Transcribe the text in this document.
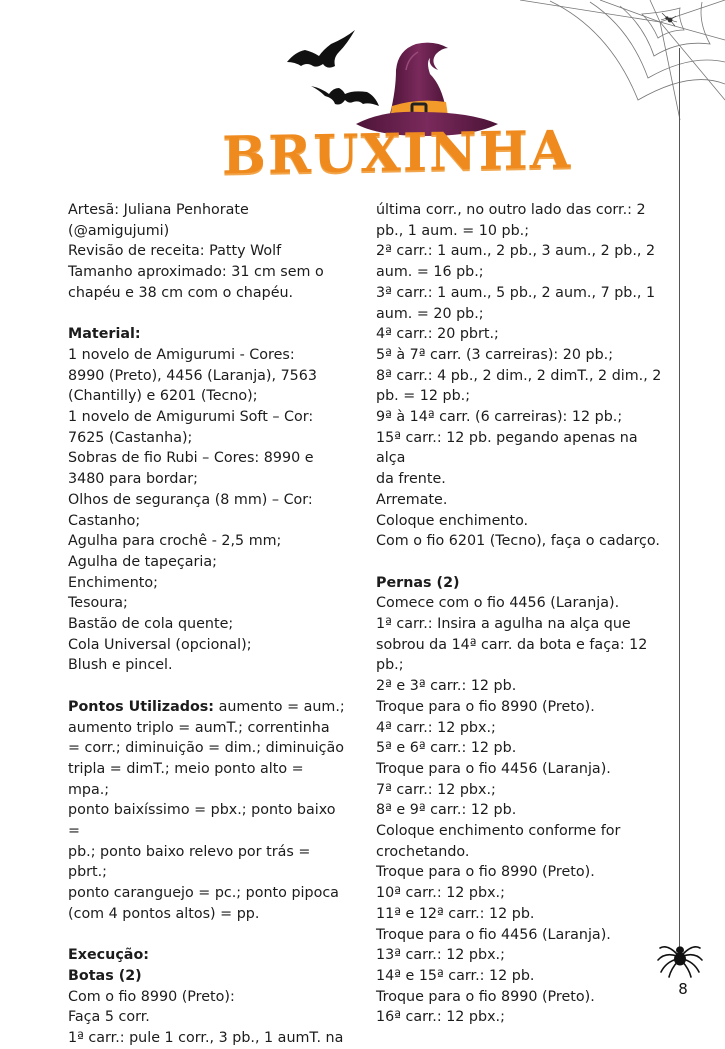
BRUXINHA

Artesã: Juliana Penhorate

(@amigujumi)

Revisão de receita: Patty Wolf

Tamanho aproximado: 31 cm sem o

chapéu e 38 cm com o chapéu.

Material:

1 novelo de Amigurumi - Cores:

8990 (Preto), 4456 (Laranja), 7563

(Chantilly) e 6201 (Tecno);

1 novelo de Amigurumi Soft – Cor:

7625 (Castanha);

Sobras de fio Rubi – Cores: 8990 e

3480 para bordar;

Olhos de segurança (8 mm) – Cor:

Castanho;

Agulha para crochê - 2,5 mm;

Agulha de tapeçaria;

Enchimento;

Tesoura;

Bastão de cola quente;

Cola Universal (opcional);

Blush e pincel.

Pontos Utilizados: aumento = aum.;

aumento triplo = aumT.; correntinha

= corr.; diminuição = dim.; diminuição

tripla = dimT.; meio ponto alto = mpa.;

ponto baixíssimo = pbx.; ponto baixo =

pb.; ponto baixo relevo por trás = pbrt.;

ponto caranguejo = pc.; ponto pipoca

(com 4 pontos altos) = pp.

Execução:

Botas (2)

Com o fio 8990 (Preto):

Faça 5 corr.

1ª carr.: pule 1 corr., 3 pb., 1 aumT. na

última corr., no outro lado das corr.: 2

pb., 1 aum. = 10 pb.;

2ª carr.: 1 aum., 2 pb., 3 aum., 2 pb., 2

aum. = 16 pb.;

3ª carr.: 1 aum., 5 pb., 2 aum., 7 pb., 1

aum. = 20 pb.;

4ª carr.: 20 pbrt.;

5ª à 7ª carr. (3 carreiras): 20 pb.;

8ª carr.: 4 pb., 2 dim., 2 dimT., 2 dim., 2

pb. = 12 pb.;

9ª à 14ª carr. (6 carreiras): 12 pb.;

15ª carr.: 12 pb. pegando apenas na alça

da frente.

Arremate.

Coloque enchimento.

Com o fio 6201 (Tecno), faça o cadarço.

Pernas (2)

Comece com o fio 4456 (Laranja).

1ª carr.: Insira a agulha na alça que

sobrou da 14ª carr. da bota e faça: 12 pb.;

2ª e 3ª carr.: 12 pb.

Troque para o fio 8990 (Preto).

4ª carr.: 12 pbx.;

5ª e 6ª carr.: 12 pb.

Troque para o fio 4456 (Laranja).

7ª carr.: 12 pbx.;

8ª e 9ª carr.: 12 pb.

Coloque enchimento conforme for

crochetando.

Troque para o fio 8990 (Preto).

10ª carr.: 12 pbx.;

11ª e 12ª carr.: 12 pb.

Troque para o fio 4456 (Laranja).

13ª carr.: 12 pbx.;

14ª e 15ª carr.: 12 pb.

Troque para o fio 8990 (Preto).

16ª carr.: 12 pbx.;

8
